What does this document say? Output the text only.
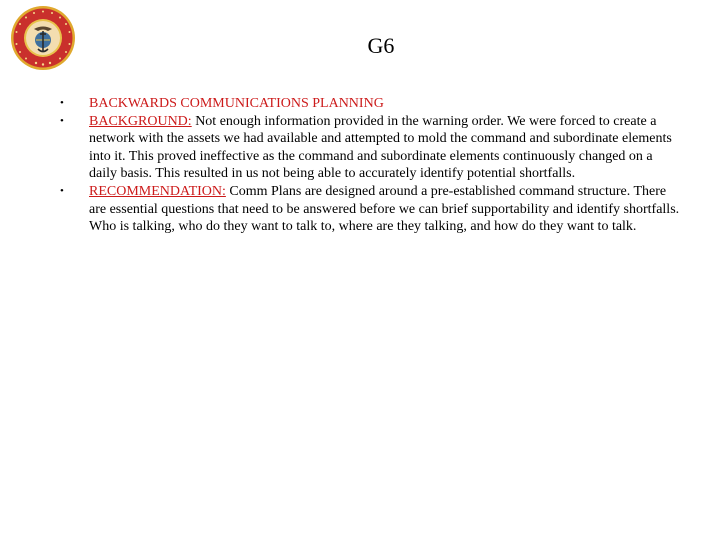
G6
• BACKWARDS COMMUNICATIONS PLANNING
• BACKGROUND: Not enough information provided in the warning order. We were forced to create a network with the assets we had available and attempted to mold the command and subordinate elements into it. This proved ineffective as the command and subordinate elements continuously changed on a daily basis. This resulted in us not being able to accurately identify potential shortfalls.
• RECOMMENDATION: Comm Plans are designed around a pre-established command structure. There are essential questions that need to be answered before we can brief supportability and identify shortfalls. Who is talking, who do they want to talk to, where are they talking, and how do they want to talk.
